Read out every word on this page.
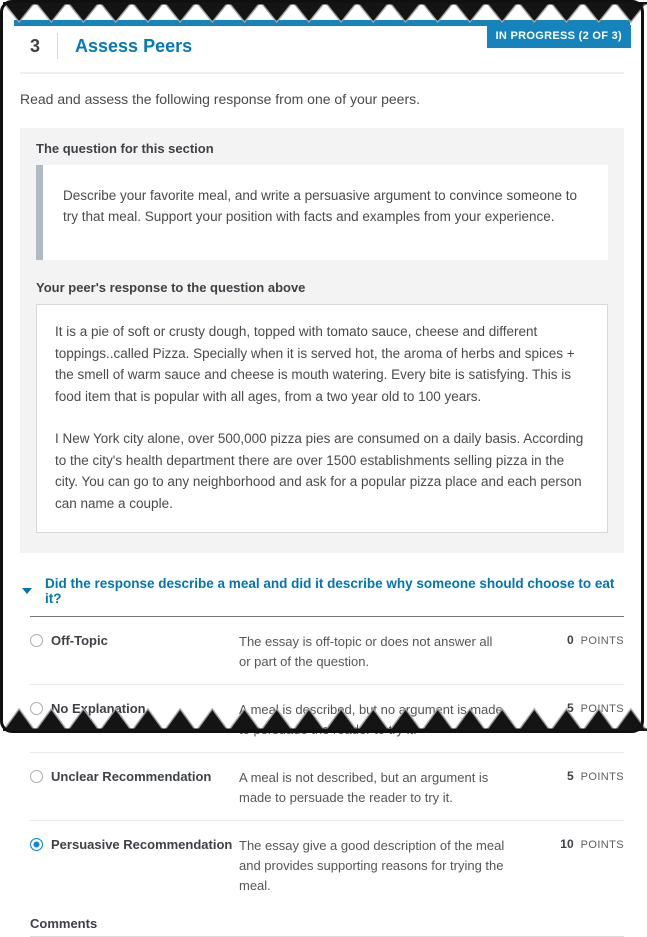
IN PROGRESS (2 OF 3)
3 Assess Peers

Read and assess the following response from one of your peers.

The question for this section
Describe your favorite meal, and write a persuasive argument to convince someone to try that meal. Support your position with facts and examples from your experience.
Your peer's response to the question above

It is a pie of soft or crusty dough, topped with tomato sauce, cheese and different toppings..called Pizza. Specially when it is served hot, the aroma of herbs and spices + the smell of warm sauce and cheese is mouth watering. Every bite is satisfying. This is food item that is popular with all ages, from a two year old to 100 years.

I New York city alone, over 500,000 pizza pies are consumed on a daily basis. According to the city's health department there are over 1500 establishments selling pizza in the city. You can go to any neighborhood and ask for a popular pizza place and each person can name a couple.

Did the response describe a meal and did it describe why someone should choose to eat it?
Off-Topic	The essay is off-topic or does not answer all or part of the question.
0 POINTS
Unclear Recommendation	A meal is not described, but an argument is made to persuade the reader to try it.
5 POINTS
Persuasive Recommendation The essay give a good description of the meal and provides supporting reasons for trying the meal.
10 POINTS
Comments
